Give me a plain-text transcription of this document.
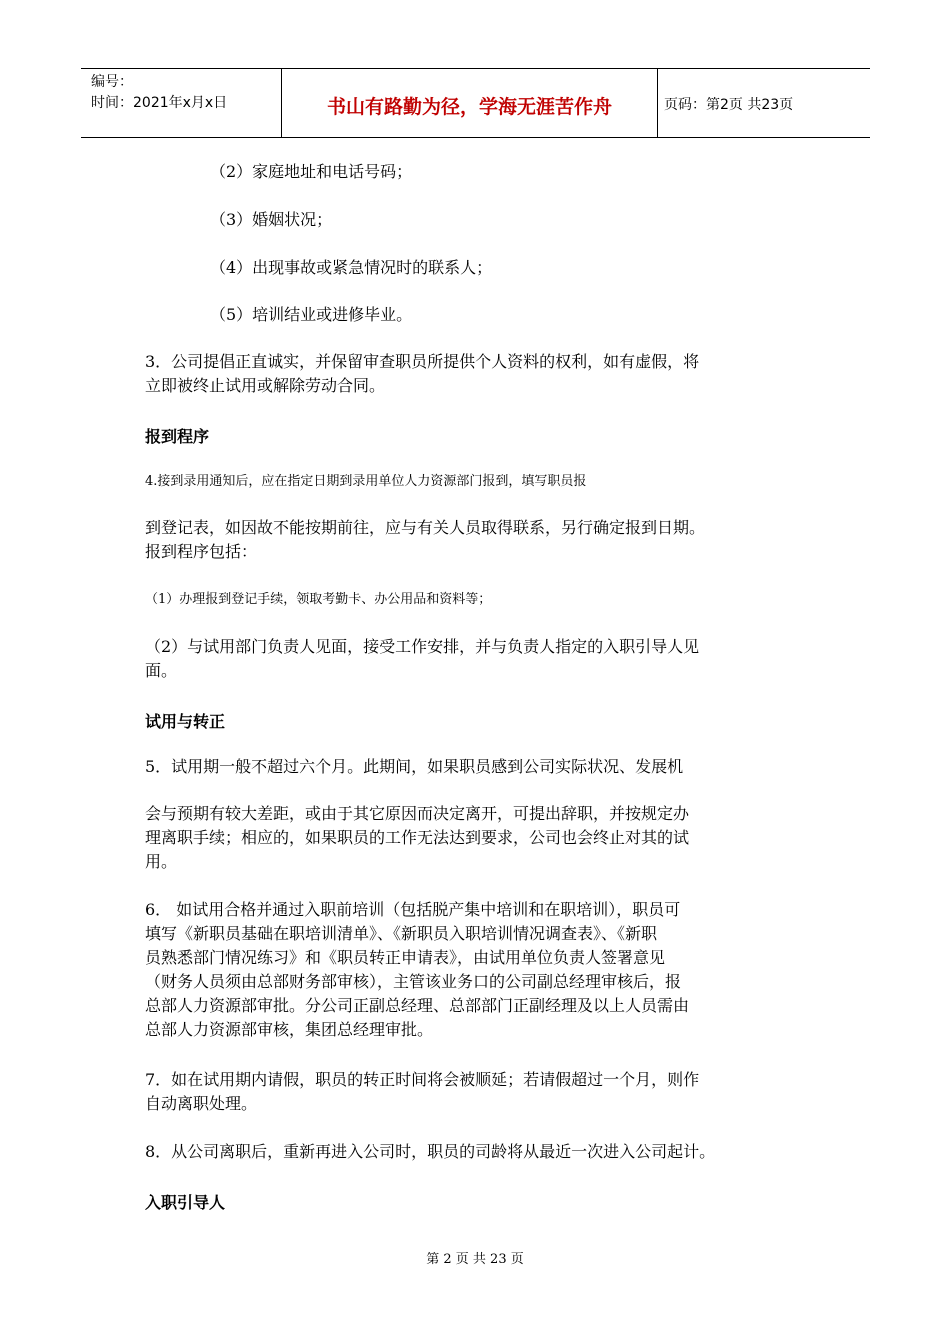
编号：
时间：2021年x月x日	书山有路勤为径，学海无涯苦作舟	页码：第2页 共23页
（2）家庭地址和电话号码；
（3）婚姻状况；
（4）出现事故或紧急情况时的联系人；
（5）培训结业或进修毕业。
3．公司提倡正直诚实，并保留审查职员所提供个人资料的权利，如有虚假，将
立即被终止试用或解除劳动合同。
报到程序
4.接到录用通知后，应在指定日期到录用单位人力资源部门报到，填写职员报
到登记表，如因故不能按期前往，应与有关人员取得联系，另行确定报到日期。
报到程序包括：
（1）办理报到登记手续，领取考勤卡、办公用品和资料等；
（2）与试用部门负责人见面，接受工作安排，并与负责人指定的入职引导人见
面。
试用与转正
5．试用期一般不超过六个月。此期间，如果职员感到公司实际状况、发展机
会与预期有较大差距，或由于其它原因而决定离开，可提出辞职，并按规定办
理离职手续；相应的，如果职员的工作无法达到要求，公司也会终止对其的试
用。
6． 如试用合格并通过入职前培训（包括脱产集中培训和在职培训），职员可
填写《新职员基础在职培训清单》、《新职员入职培训情况调查表》、《新职
员熟悉部门情况练习》和《职员转正申请表》，由试用单位负责人签署意见
（财务人员须由总部财务部审核），主管该业务口的公司副总经理审核后，报
总部人力资源部审批。分公司正副总经理、总部部门正副经理及以上人员需由
总部人力资源部审核，集团总经理审批。
7．如在试用期内请假，职员的转正时间将会被顺延；若请假超过一个月，则作
自动离职处理。
8．从公司离职后，重新再进入公司时，职员的司龄将从最近一次进入公司起计。
入职引导人
第 2 页 共 23 页
